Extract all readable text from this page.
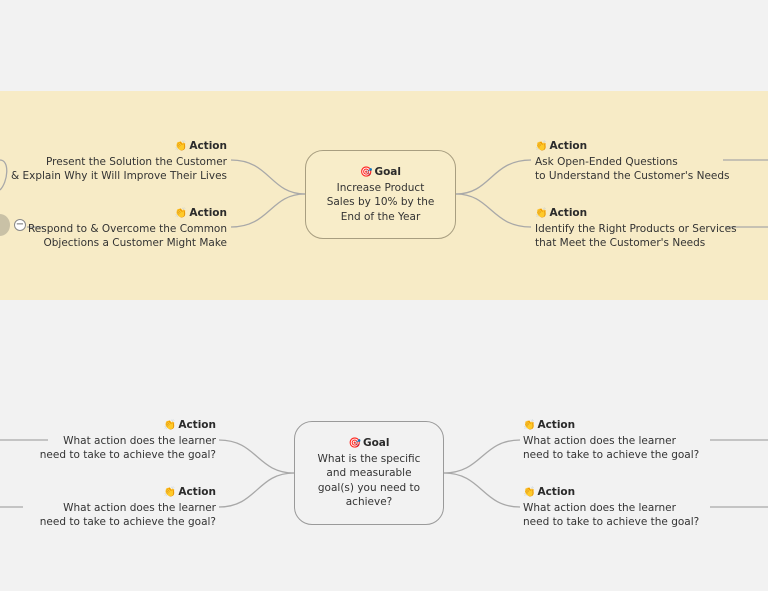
−
🎯 Goal
Increase Product
Sales by 10% by the
End of the Year
👏 Action
Present the Solution the Customer
& Explain Why it Will Improve Their Lives
👏 Action
Respond to & Overcome the Common
Objections a Customer Might Make
👏 Action
Ask Open-Ended Questions
to Understand the Customer's Needs
👏 Action
Identify the Right Products or Services
that Meet the Customer's Needs
🎯 Goal
What is the specific
and measurable
goal(s) you need to
achieve?
👏 Action
What action does the learner
need to take to achieve the goal?
👏 Action
What action does the learner
need to take to achieve the goal?
👏 Action
What action does the learner
need to take to achieve the goal?
👏 Action
What action does the learner
need to take to achieve the goal?
